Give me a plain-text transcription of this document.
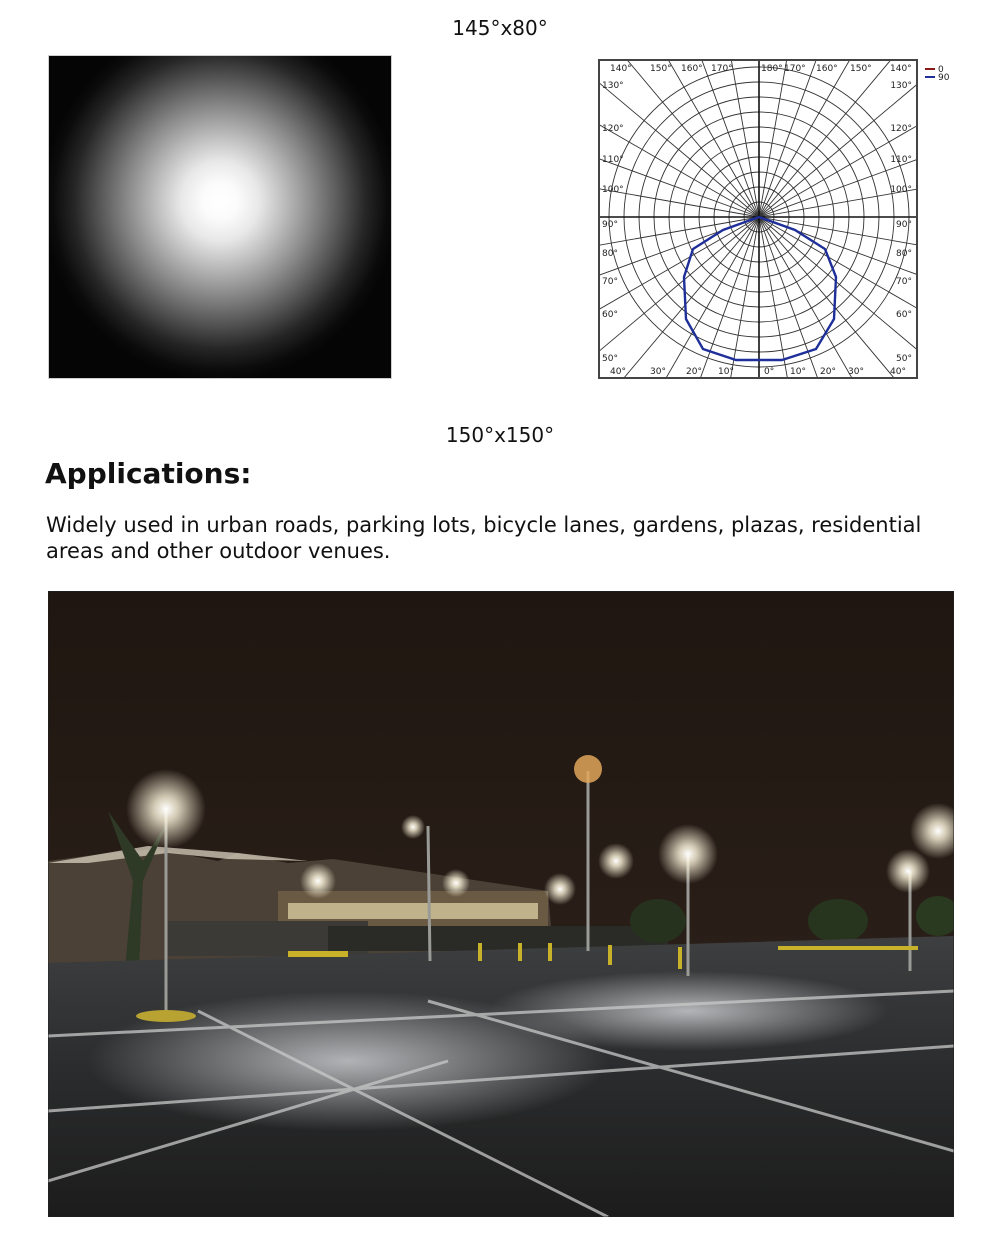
145°x80°
140° 150° 160° 170°	180° 170° 160° 150° 140°
130°
120°
110°
100°
90°
80°
70°
60°
50°
130°
120°
110°
100°
90°
80°
70°
60°
50°
40°	30° 20° 10°	0° 10° 20° 30°	40°
0
90
150°x150°
Applications:

Widely used in urban roads, parking lots, bicycle lanes, gardens, plazas, residential areas and other outdoor venues.
